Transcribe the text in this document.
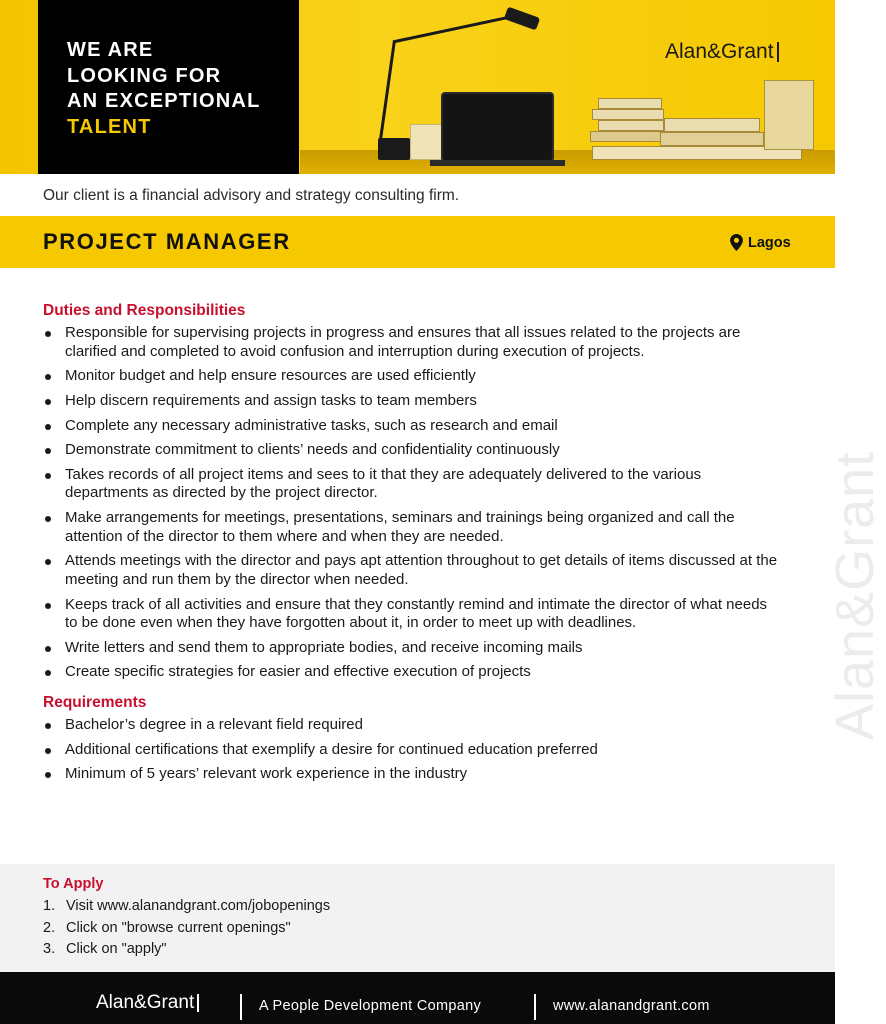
WE ARE
LOOKING FOR
AN EXCEPTIONAL
TALENT
Alan&Grant
Our client is a financial advisory and strategy consulting firm.
PROJECT MANAGER	Lagos
Alan&Grant
Duties and Responsibilities
Responsible for supervising projects in progress and ensures that all issues related to the projects are clarified and completed to avoid confusion and interruption during execution of projects.
Monitor budget and help ensure resources are used efficiently
Help discern requirements and assign tasks to team members
Complete any necessary administrative tasks, such as research and email
Demonstrate commitment to clients’ needs and confidentiality continuously
Takes records of all project items and sees to it that they are adequately delivered to the various departments as directed by the project director.
Make arrangements for meetings, presentations, seminars and trainings being organized and call the attention of the director to them where and when they are needed.
Attends meetings with the director and pays apt attention throughout to get details of items discussed at the meeting and run them by the director when needed.
Keeps track of all activities and ensure that they constantly remind and intimate the director of what needs to be done even when they have forgotten about it, in order to meet up with deadlines.
Write letters and send them to appropriate bodies, and receive incoming mails
Create specific strategies for easier and effective execution of projects
Requirements
Bachelor’s degree in a relevant field required
Additional certifications that exemplify a desire for continued education preferred
Minimum of 5 years’ relevant work experience in the industry
To Apply
1. Visit www.alanandgrant.com/jobopenings
2. Click on "browse current openings"
3. Click on "apply"
Alan&Grant	A People Development Company	www.alanandgrant.com
